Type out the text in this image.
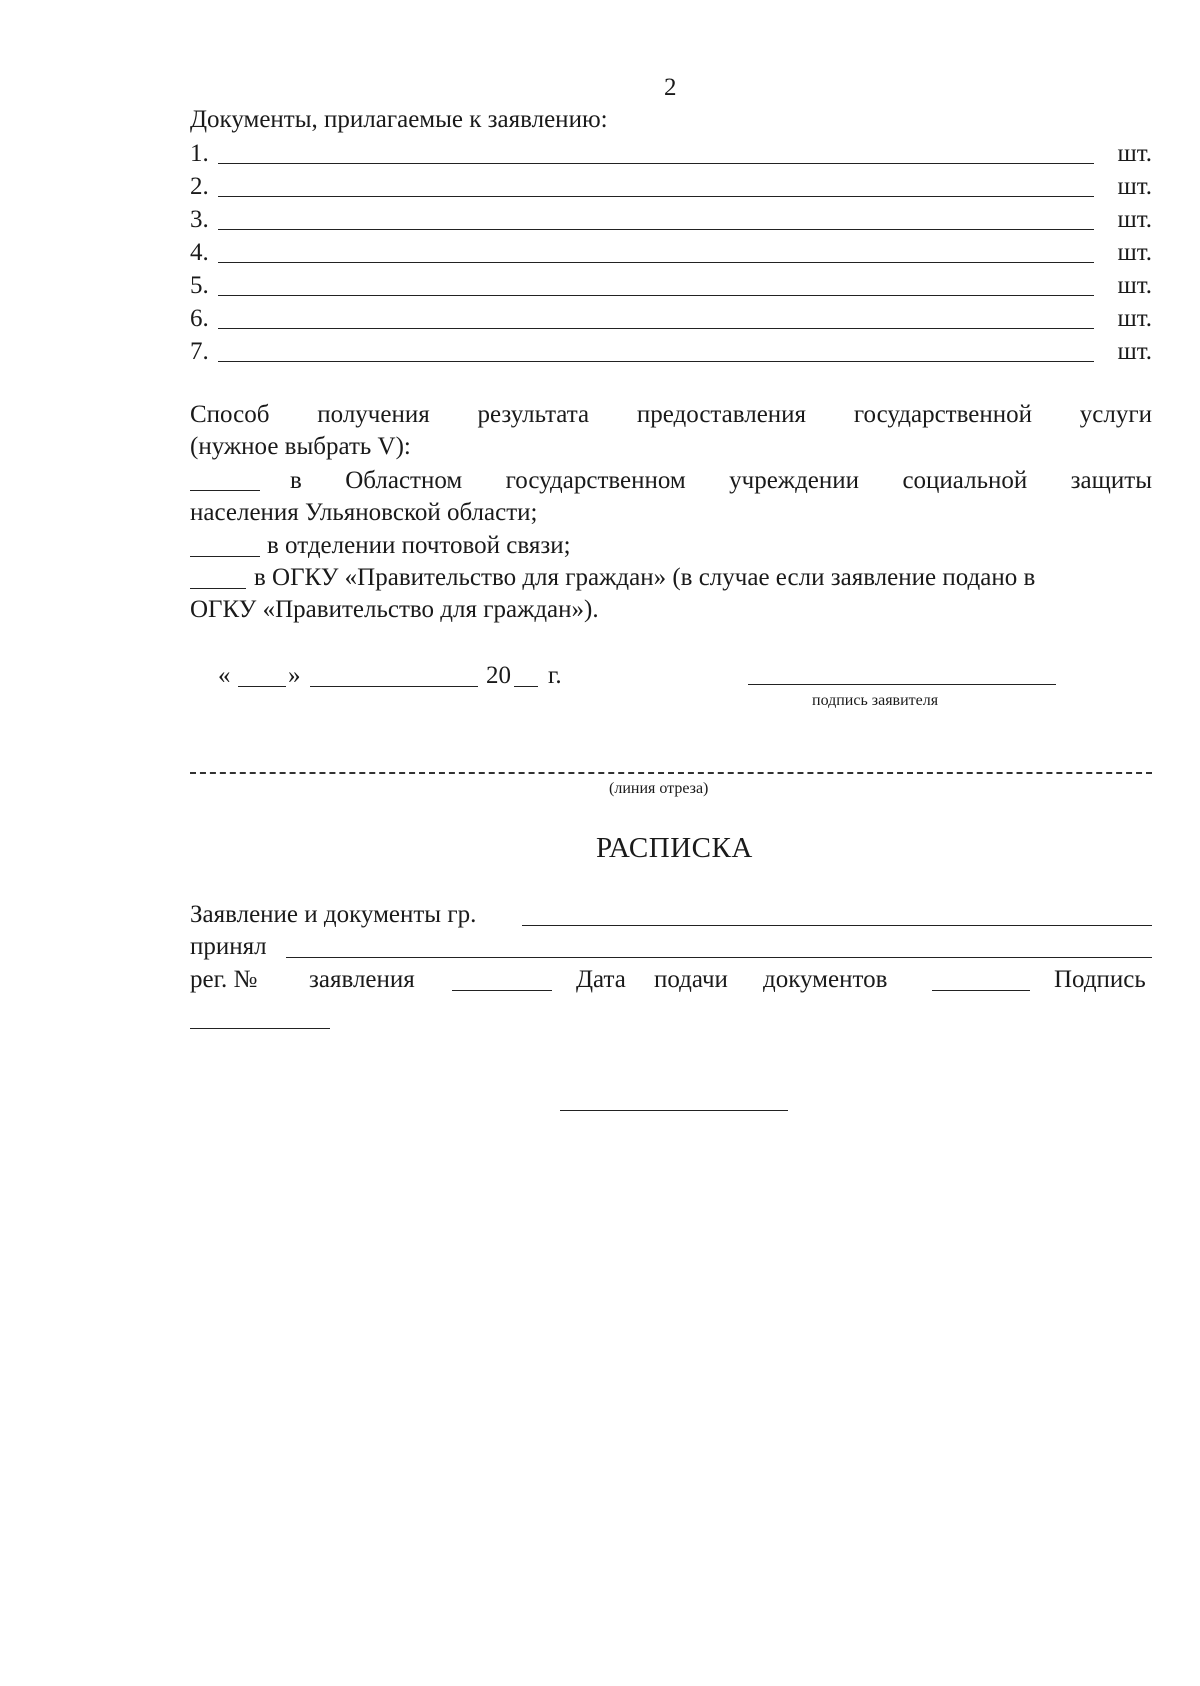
2
Документы, прилагаемые к заявлению:
1.	шт.
2.	шт.
3.	шт.
4.	шт.
5.	шт.
6.	шт.
7.	шт.
Способ получения результата предоставления государственной услуги
(нужное выбрать V):
в Областном государственном учреждении социальной защиты
населения Ульяновской области;
в отделении почтовой связи;
в ОГКУ «Правительство для граждан» (в случае если заявление подано в
ОГКУ «Правительство для граждан»).
« »	20 г.
подпись заявителя
(линия отреза)
РАСПИСКА
Заявление и документы гр.
принял
рег. № заявления	Дата подачи документов	Подпись
